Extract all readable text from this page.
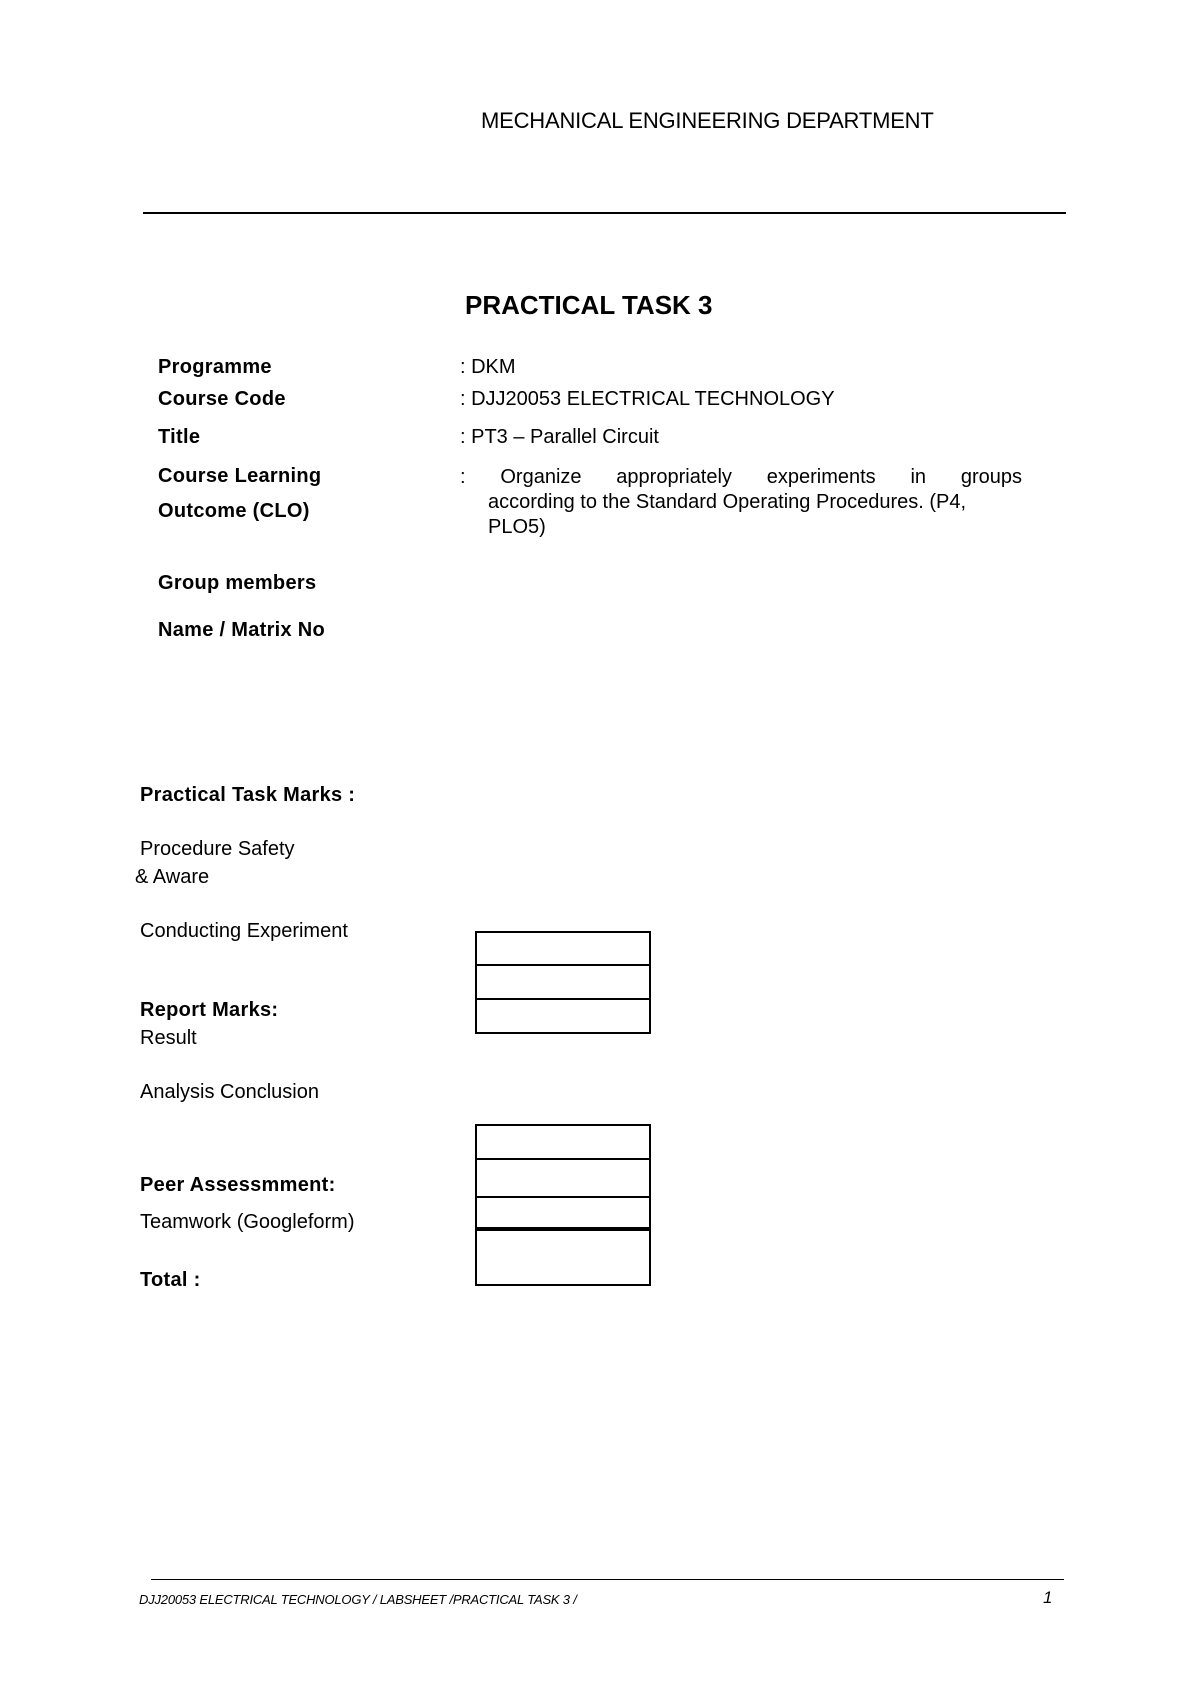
MECHANICAL ENGINEERING DEPARTMENT
PRACTICAL TASK 3
Programme	: DKM
Course Code	: DJJ20053 ELECTRICAL TECHNOLOGY
Title	: PT3 – Parallel Circuit
Course Learning
Outcome (CLO)
: Organize appropriately experiments in groups
according to the Standard Operating Procedures. (P4,
PLO5)
Group members
Name / Matrix No
Practical Task Marks :
Procedure Safety
& Aware
Conducting Experiment
Report Marks:
Result
Analysis Conclusion
Peer Assessmment:
Teamwork (Googleform)
Total :
DJJ20053 ELECTRICAL TECHNOLOGY / LABSHEET /PRACTICAL TASK 3 /	1
